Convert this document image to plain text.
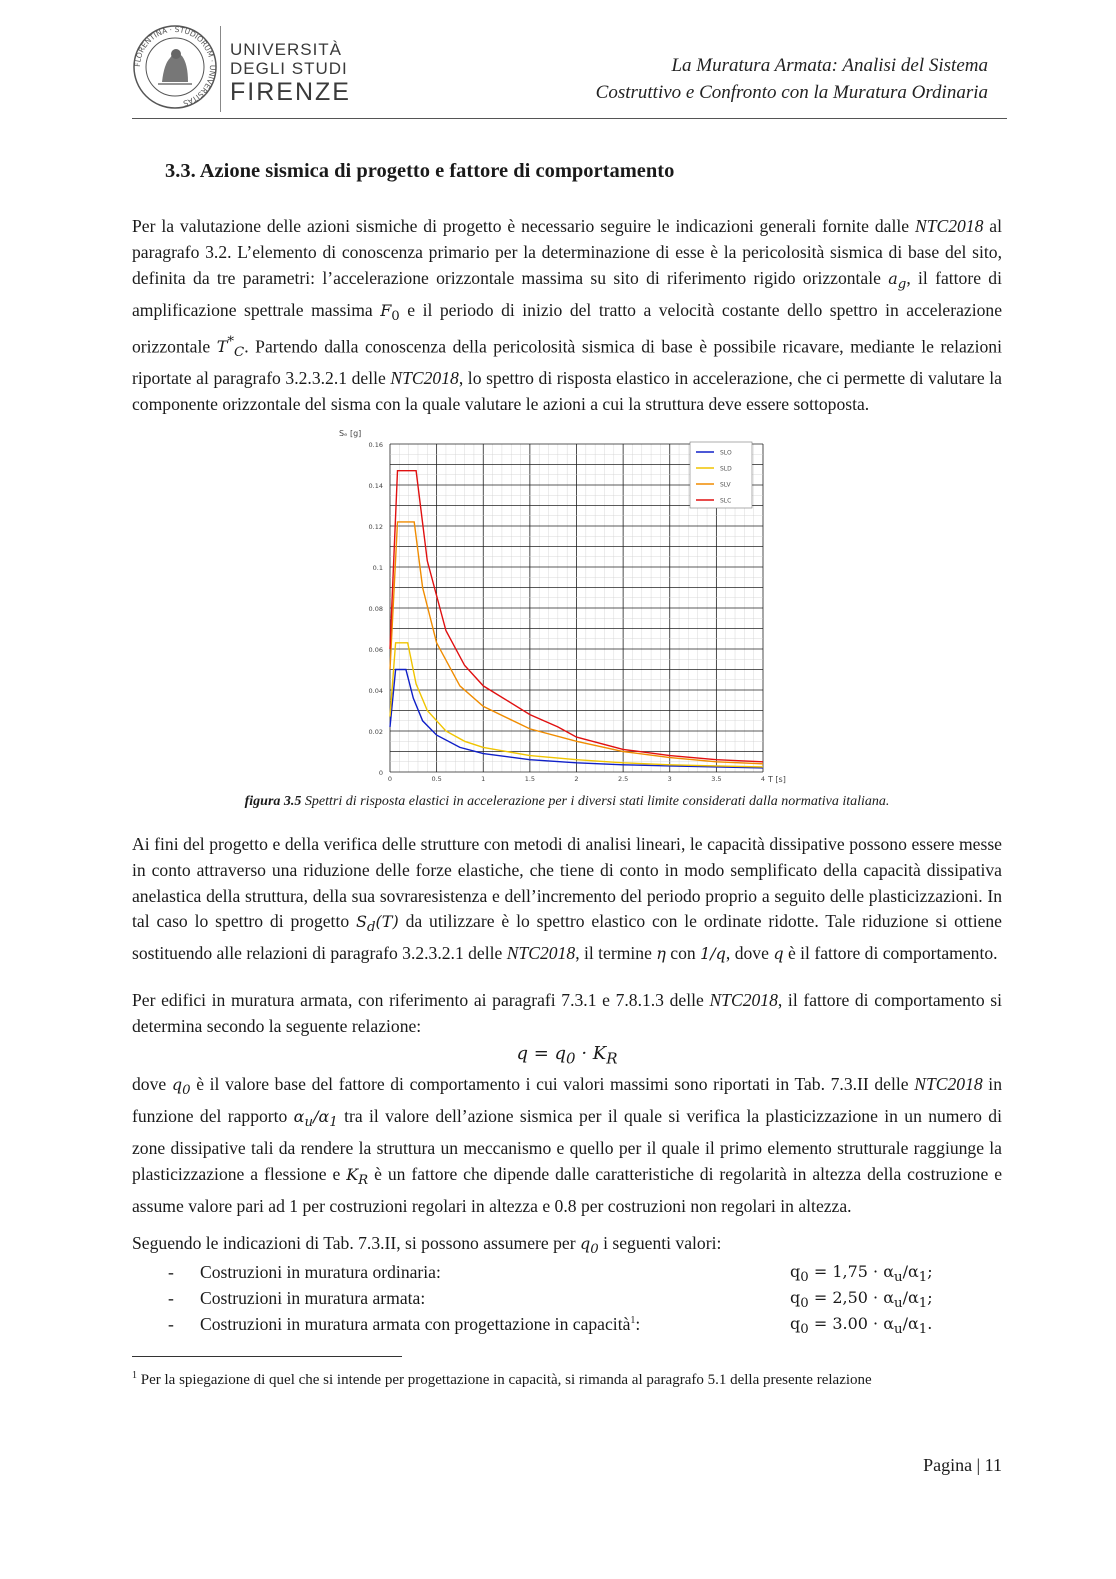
FLORENTINA · STUDIORUM · UNIVERSITAS
UNIVERSITÀ
DEGLI STUDI
FIRENZE
La Muratura Armata: Analisi del Sistema
Costruttivo e Confronto con la Muratura Ordinaria
3.3. Azione sismica di progetto e fattore di comportamento
Per la valutazione delle azioni sismiche di progetto è necessario seguire le indicazioni generali fornite dalle NTC2018 al paragrafo 3.2. L’elemento di conoscenza primario per la determinazione di esse è la pericolosità sismica di base del sito, definita da tre parametri: l’accelerazione orizzontale massima su sito di riferimento rigido orizzontale $a_g$, il fattore di amplificazione spettrale massima $F_0$ e il periodo di inizio del tratto a velocità costante dello spettro in accelerazione orizzontale $T^*_C$. Partendo dalla conoscenza della pericolosità sismica di base è possibile ricavare, mediante le relazioni riportate al paragrafo 3.2.3.2.1 delle NTC2018, lo spettro di risposta elastico in accelerazione, che ci permette di valutare la componente orizzontale del sisma con la quale valutare le azioni a cui la struttura deve essere sottoposta.
0
0.02
0.04
0.06
0.08
0.1
0.12
0.14
0.16
0	0.5	1	1.5	2	2.5	3	3.5	4
SLO
SLD
SLV
SLC
Sₑ [g]
T [s]
figura 3.5 Spettri di risposta elastici in accelerazione per i diversi stati limite considerati dalla normativa italiana.
Ai fini del progetto e della verifica delle strutture con metodi di analisi lineari, le capacità dissipative possono essere messe in conto attraverso una riduzione delle forze elastiche, che tiene di conto in modo semplificato della capacità dissipativa anelastica della struttura, della sua sovraresistenza e dell’incremento del periodo proprio a seguito delle plasticizzazioni. In tal caso lo spettro di progetto $S_d(T)$ da utilizzare è lo spettro elastico con le ordinate ridotte. Tale riduzione si ottiene sostituendo alle relazioni di paragrafo 3.2.3.2.1 delle NTC2018, il termine η con 1/q, dove q è il fattore di comportamento.
Per edifici in muratura armata, con riferimento ai paragrafi 7.3.1 e 7.8.1.3 delle NTC2018, il fattore di comportamento si determina secondo la seguente relazione:
$q = q_0 \cdot K_R$
dove $q_0$ è il valore base del fattore di comportamento i cui valori massimi sono riportati in Tab. 7.3.II delle NTC2018 in funzione del rapporto $\alpha_u/\alpha_1$ tra il valore dell’azione sismica per il quale si verifica la plasticizzazione in un numero di zone dissipative tali da rendere la struttura un meccanismo e quello per il quale il primo elemento strutturale raggiunge la plasticizzazione a flessione e $K_R$ è un fattore che dipende dalle caratteristiche di regolarità in altezza della costruzione e assume valore pari ad 1 per costruzioni regolari in altezza e 0.8 per costruzioni non regolari in altezza.
Seguendo le indicazioni di Tab. 7.3.II, si possono assumere per $q_0$ i seguenti valori:
- Costruzioni in muratura ordinaria:	$q_0 = 1,75 \cdot \alpha_u/\alpha_1$;
- Costruzioni in muratura armata:	$q_0 = 2,50 \cdot \alpha_u/\alpha_1$;
- Costruzioni in muratura armata con progettazione in capacità$^1$:	$q_0 = 3.00 \cdot \alpha_u/\alpha_1$.
$^1$ Per la spiegazione di quel che si intende per progettazione in capacità, si rimanda al paragrafo 5.1 della presente relazione
Pagina | 11
